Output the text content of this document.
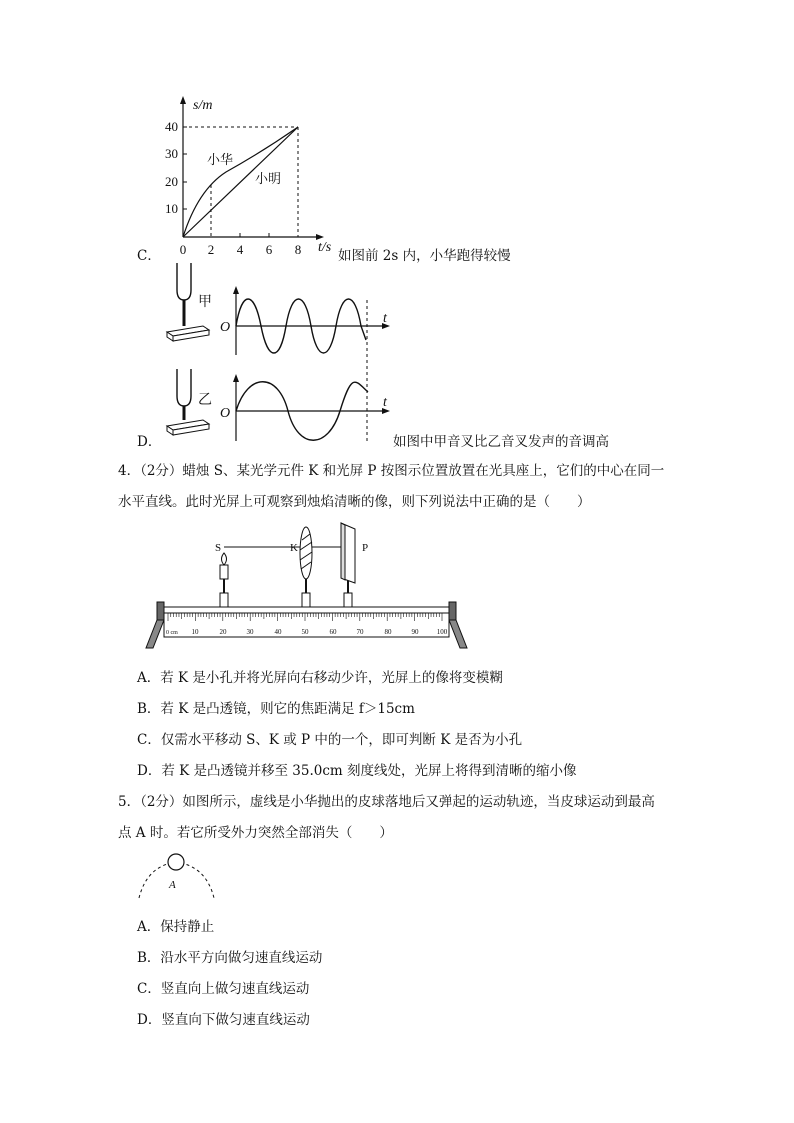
s/m
t/s
40
30
20
10
0 2 4 6 8
小华
小明
C．	如图前 2s 内，小华跑得较慢
甲
O
t
乙
O
t
D．	如图中甲音叉比乙音叉发声的音调高
4．（2分）蜡烛 S、某光学元件 K 和光屏 P 按图示位置放置在光具座上，它们的中心在同一
水平直线。此时光屏上可观察到烛焰清晰的像，则下列说法中正确的是（　　）
S	K	P
0 cm 10	20	30	40	50	60	70	80	90	100
A．若 K 是小孔并将光屏向右移动少许，光屏上的像将变模糊
B．若 K 是凸透镜，则它的焦距满足 f＞15cm
C．仅需水平移动 S、K 或 P 中的一个，即可判断 K 是否为小孔
D．若 K 是凸透镜并移至 35.0cm 刻度线处，光屏上将得到清晰的缩小像
5．（2分）如图所示，虚线是小华抛出的皮球落地后又弹起的运动轨迹，当皮球运动到最高
点 A 时。若它所受外力突然全部消失（　　）
A
A．保持静止
B．沿水平方向做匀速直线运动
C．竖直向上做匀速直线运动
D．竖直向下做匀速直线运动
